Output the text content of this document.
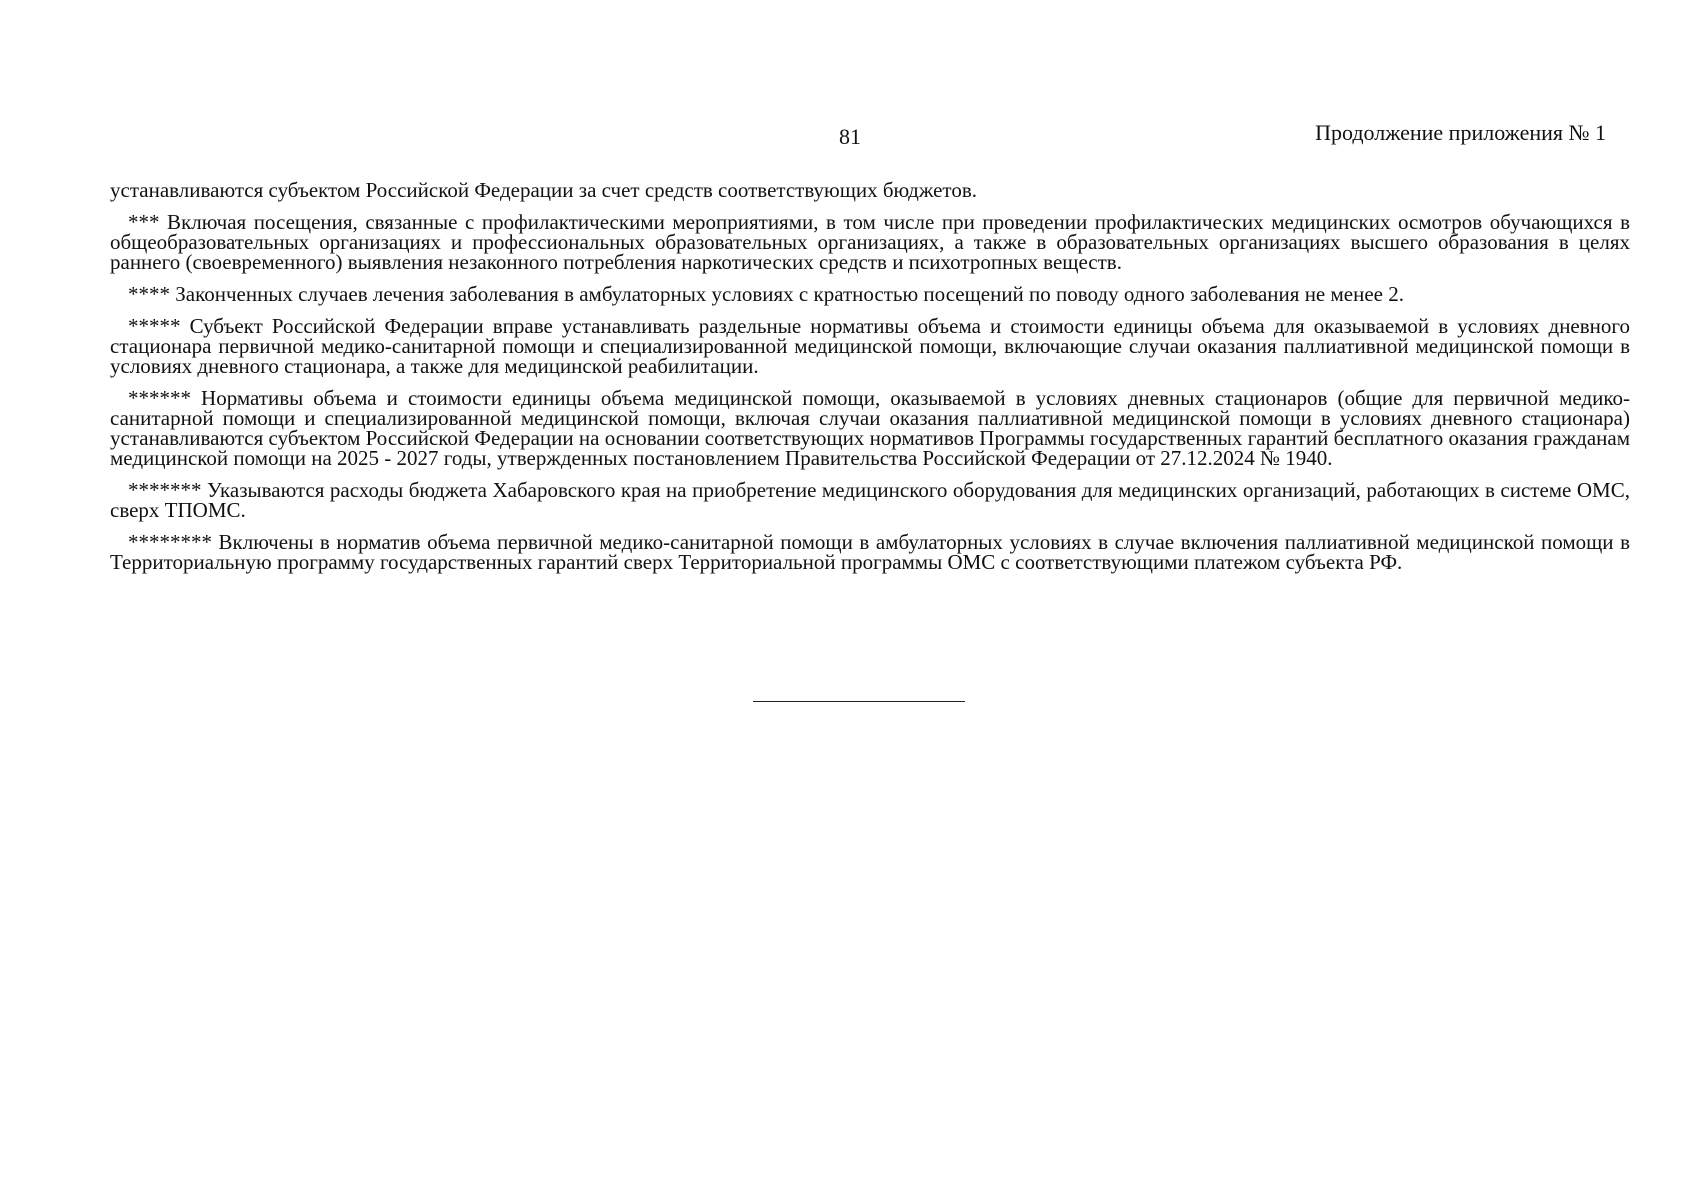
81	Продолжение приложения № 1

устанавливаются субъектом Российской Федерации за счет средств соответствующих бюджетов.

*** Включая посещения, связанные с профилактическими мероприятиями, в том числе при проведении профилактических медицинских осмотров обучающихся в общеобразовательных организациях и профессиональных образовательных организациях, а также в образовательных организациях высшего образования в целях раннего (своевременного) выявления незаконного потребления наркотических средств и психотропных веществ.

**** Законченных случаев лечения заболевания в амбулаторных условиях с кратностью посещений по поводу одного заболевания не менее 2.

***** Субъект Российской Федерации вправе устанавливать раздельные нормативы объема и стоимости единицы объема для оказываемой в условиях дневного стационара первичной медико-санитарной помощи и специализированной медицинской помощи, включающие случаи оказания паллиативной медицинской помощи в условиях дневного стационара, а также для медицинской реабилитации.

****** Нормативы объема и стоимости единицы объема медицинской помощи, оказываемой в условиях дневных стационаров (общие для первичной медико-санитарной помощи и специализированной медицинской помощи, включая случаи оказания паллиативной медицинской помощи в условиях дневного стационара) устанавливаются субъектом Российской Федерации на основании соответствующих нормативов Программы государственных гарантий бесплатного оказания гражданам медицинской помощи на 2025 - 2027 годы, утвержденных постановлением Правительства Российской Федерации от 27.12.2024 № 1940.

******* Указываются расходы бюджета Хабаровского края на приобретение медицинского оборудования для медицинских организаций, работающих в системе ОМС, сверх ТПОМС.

******** Включены в норматив объема первичной медико-санитарной помощи в амбулаторных условиях в случае включения паллиативной медицинской помощи в Территориальную программу государственных гарантий сверх Территориальной программы ОМС с соответствующими платежом субъекта РФ.
